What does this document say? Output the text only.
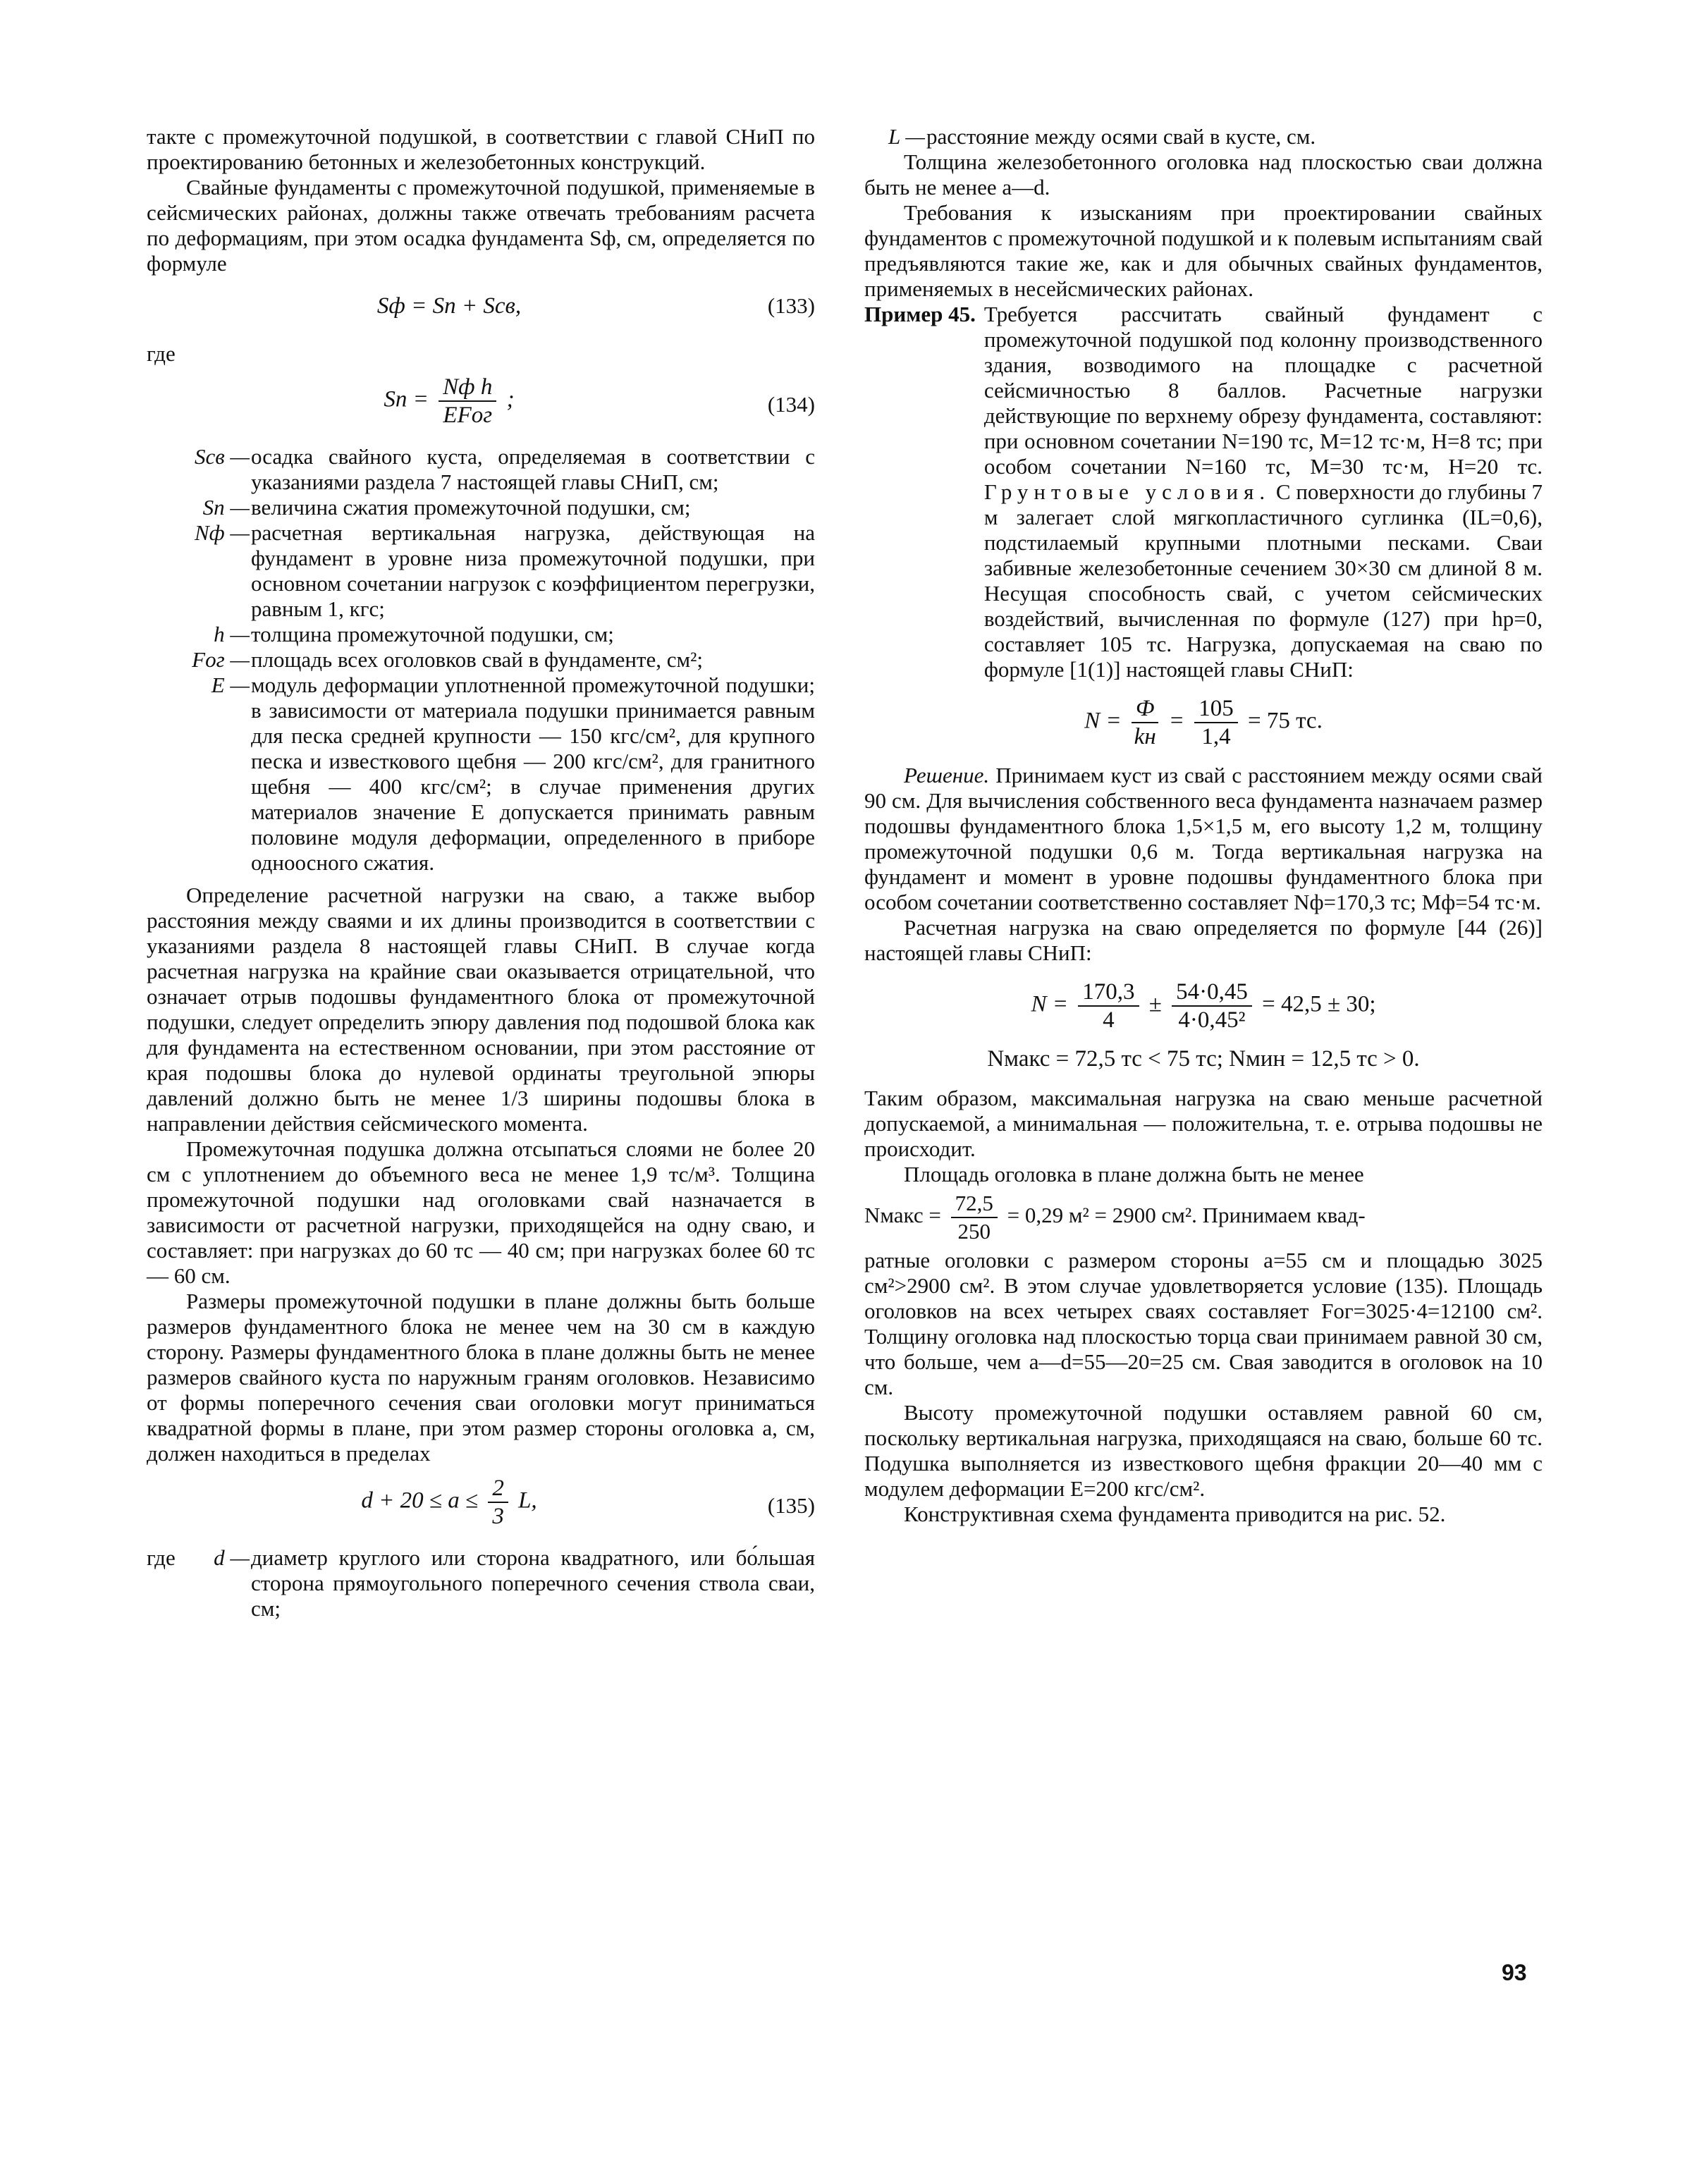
такте с промежуточной подушкой, в соответствии с главой СНиП по проектированию бетонных и железобетонных конструкций.

Свайные фундаменты с промежуточной подушкой, применяемые в сейсмических районах, должны также отвечать требованиям расчета по деформациям, при этом осадка фундамента Sф, см, определяется по формуле

Sф = Sп + Sсв,	(133)

где

Sп = $\frac{\text{Nф h}}{\text{EFог}}$ ;	(134)
Sсв — осадка свайного куста, определяемая в соответствии с указаниями раздела 7 настоящей главы СНиП, см;
Sп — величина сжатия промежуточной подушки, см;
Nф — расчетная вертикальная нагрузка, действующая на фундамент в уровне низа промежуточной подушки, при основном сочетании нагрузок с коэффициентом перегрузки, равным 1, кгс;
h — толщина промежуточной подушки, см;
Fог — площадь всех оголовков свай в фундаменте, см²;
E — модуль деформации уплотненной промежуточной подушки; в зависимости от материала подушки принимается равным для песка средней крупности — 150 кгс/см², для крупного песка и известкового щебня — 200 кгс/см², для гранитного щебня — 400 кгс/см²; в случае применения других материалов значение E допускается принимать равным половине модуля деформации, определенного в приборе одноосного сжатия.

Определение расчетной нагрузки на сваю, а также выбор расстояния между сваями и их длины производится в соответствии с указаниями раздела 8 настоящей главы СНиП. В случае когда расчетная нагрузка на крайние сваи оказывается отрицательной, что означает отрыв подошвы фундаментного блока от промежуточной подушки, следует определить эпюру давления под подошвой блока как для фундамента на естественном основании, при этом расстояние от края подошвы блока до нулевой ординаты треугольной эпюры давлений должно быть не менее 1/3 ширины подошвы блока в направлении действия сейсмического момента.

Промежуточная подушка должна отсыпаться слоями не более 20 см с уплотнением до объемного веса не менее 1,9 тс/м³. Толщина промежуточной подушки над оголовками свай назначается в зависимости от расчетной нагрузки, приходящейся на одну сваю, и составляет: при нагрузках до 60 тс — 40 см; при нагрузках более 60 тс — 60 см.

Размеры промежуточной подушки в плане должны быть больше размеров фундаментного блока не менее чем на 30 см в каждую сторону. Размеры фундаментного блока в плане должны быть не менее размеров свайного куста по наружным граням оголовков. Независимо от формы поперечного сечения сваи оголовки могут приниматься квадратной формы в плане, при этом размер стороны оголовка a, см, должен находиться в пределах

$d + 20 \le a \le \frac{2}{3} L$,	(135)
где	d — диаметр круглого или сторона квадратного, или бо́льшая сторона прямоугольного поперечного сечения ствола сваи, см;
L — расстояние между осями свай в кусте, см.

Толщина железобетонного оголовка над плоскостью сваи должна быть не менее a—d.

Требования к изысканиям при проектировании свайных фундаментов с промежуточной подушкой и к полевым испытаниям свай предъявляются такие же, как и для обычных свайных фундаментов, применяемых в несейсмических районах.

Пример 45. Требуется рассчитать свайный фундамент с промежуточной подушкой под колонну производственного здания, возводимого на площадке с расчетной сейсмичностью 8 баллов. Расчетные нагрузки действующие по верхнему обрезу фундамента, составляют: при основном сочетании N=190 тс, M=12 тс·м, H=8 тс; при особом сочетании N=160 тс, M=30 тс·м, H=20 тс. Грунтовые условия. С поверхности до глубины 7 м залегает слой мягкопластичного суглинка (IL=0,6), подстилаемый крупными плотными песками. Сваи забивные железобетонные сечением 30×30 см длиной 8 м. Несущая способность свай, с учетом сейсмических воздействий, вычисленная по формуле (127) при hp=0, составляет 105 тс. Нагрузка, допускаемая на сваю по формуле [1(1)] настоящей главы СНиП:
$N = \frac{Ф}{kн} = \frac{105}{1,4} = 75$ тс.

Решение. Принимаем куст из свай с расстоянием между осями свай 90 см. Для вычисления собственного веса фундамента назначаем размер подошвы фундаментного блока 1,5×1,5 м, его высоту 1,2 м, толщину промежуточной подушки 0,6 м. Тогда вертикальная нагрузка на фундамент и момент в уровне подошвы фундаментного блока при особом сочетании соответственно составляет Nф=170,3 тс; Mф=54 тс·м.

Расчетная нагрузка на сваю определяется по формуле [44 (26)] настоящей главы СНиП:

$N = \frac{170,3}{4} \pm \frac{54\cdot 0,45}{\text{4·0,45²}} = 42,5 \pm 30$;
Nмакс = 72,5 тс < 75 тс; Nмин = 12,5 тс > 0.

Таким образом, максимальная нагрузка на сваю меньше расчетной допускаемой, а минимальная — положительна, т. е. отрыва подошвы не происходит.

Площадь оголовка в плане должна быть не менее

Nмакс = $\frac{72,5}{250} = 0,29$ м² = 2900 см². Принимаем квад-

ратные оголовки с размером стороны a=55 см и площадью 3025 см²>2900 см². В этом случае удовлетворяется условие (135). Площадь оголовков на всех четырех сваях составляет Fог=3025·4=12100 см². Толщину оголовка над плоскостью торца сваи принимаем равной 30 см, что больше, чем a—d=55—20=25 см. Свая заводится в оголовок на 10 см.

Высоту промежуточной подушки оставляем равной 60 см, поскольку вертикальная нагрузка, приходящаяся на сваю, больше 60 тс. Подушка выполняется из известкового щебня фракции 20—40 мм с модулем деформации E=200 кгс/см².

Конструктивная схема фундамента приводится на рис. 52.

93
